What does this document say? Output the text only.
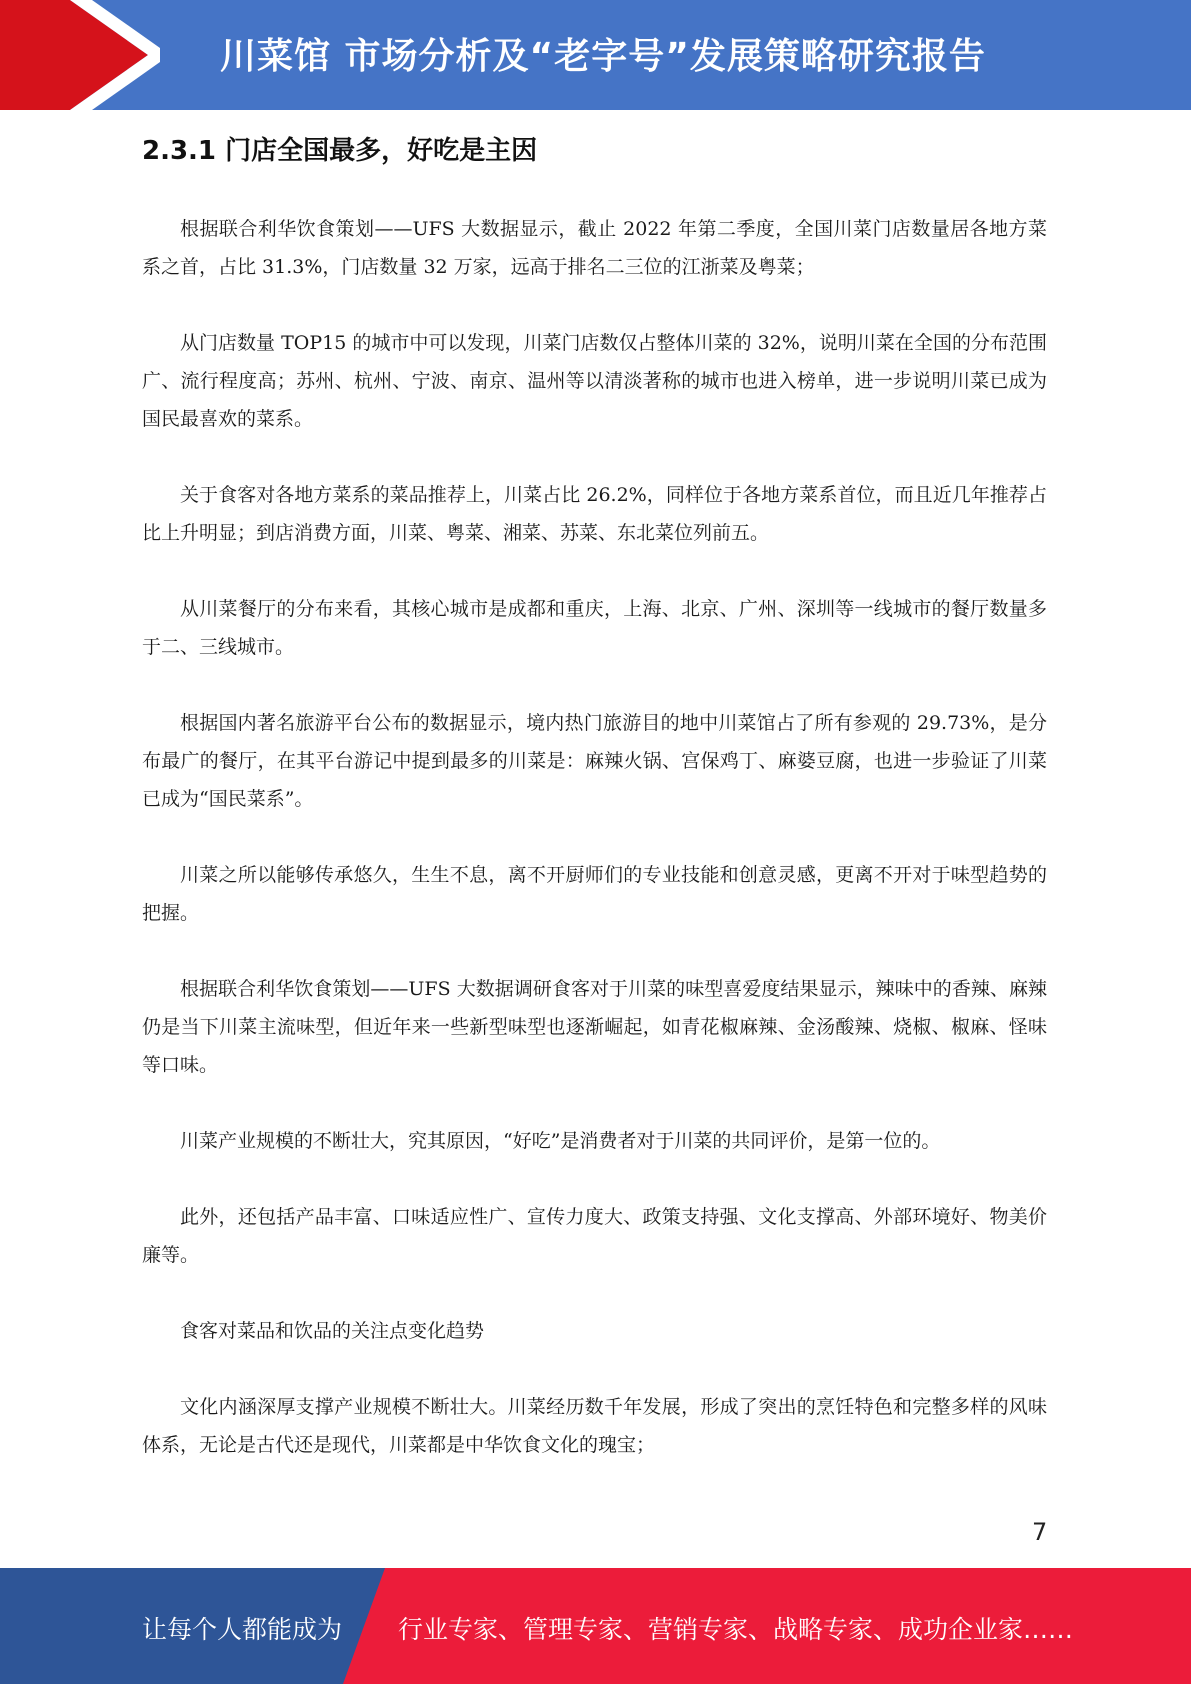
川菜馆 市场分析及“老字号”发展策略研究报告
2.3.1 门店全国最多，好吃是主因

根据联合利华饮食策划——UFS 大数据显示，截止 2022 年第二季度，全国川菜门店数量居各地方菜系之首，占比 31.3%，门店数量 32 万家，远高于排名二三位的江浙菜及粤菜；

从门店数量 TOP15 的城市中可以发现，川菜门店数仅占整体川菜的 32%，说明川菜在全国的分布范围广、流行程度高；苏州、杭州、宁波、南京、温州等以清淡著称的城市也进入榜单，进一步说明川菜已成为国民最喜欢的菜系。

关于食客对各地方菜系的菜品推荐上，川菜占比 26.2%，同样位于各地方菜系首位，而且近几年推荐占比上升明显；到店消费方面，川菜、粤菜、湘菜、苏菜、东北菜位列前五。

从川菜餐厅的分布来看，其核心城市是成都和重庆，上海、北京、广州、深圳等一线城市的餐厅数量多于二、三线城市。

根据国内著名旅游平台公布的数据显示，境内热门旅游目的地中川菜馆占了所有参观的 29.73%，是分布最广的餐厅，在其平台游记中提到最多的川菜是：麻辣火锅、宫保鸡丁、麻婆豆腐，也进一步验证了川菜已成为“国民菜系”。

川菜之所以能够传承悠久，生生不息，离不开厨师们的专业技能和创意灵感，更离不开对于味型趋势的把握。

根据联合利华饮食策划——UFS 大数据调研食客对于川菜的味型喜爱度结果显示，辣味中的香辣、麻辣仍是当下川菜主流味型，但近年来一些新型味型也逐渐崛起，如青花椒麻辣、金汤酸辣、烧椒、椒麻、怪味等口味。

川菜产业规模的不断壮大，究其原因，“好吃”是消费者对于川菜的共同评价，是第一位的。

此外，还包括产品丰富、口味适应性广、宣传力度大、政策支持强、文化支撑高、外部环境好、物美价廉等。

食客对菜品和饮品的关注点变化趋势

文化内涵深厚支撑产业规模不断壮大。川菜经历数千年发展，形成了突出的烹饪特色和完整多样的风味体系，无论是古代还是现代，川菜都是中华饮食文化的瑰宝；

7
让每个人都能成为 行业专家、管理专家、营销专家、战略专家、成功企业家……
